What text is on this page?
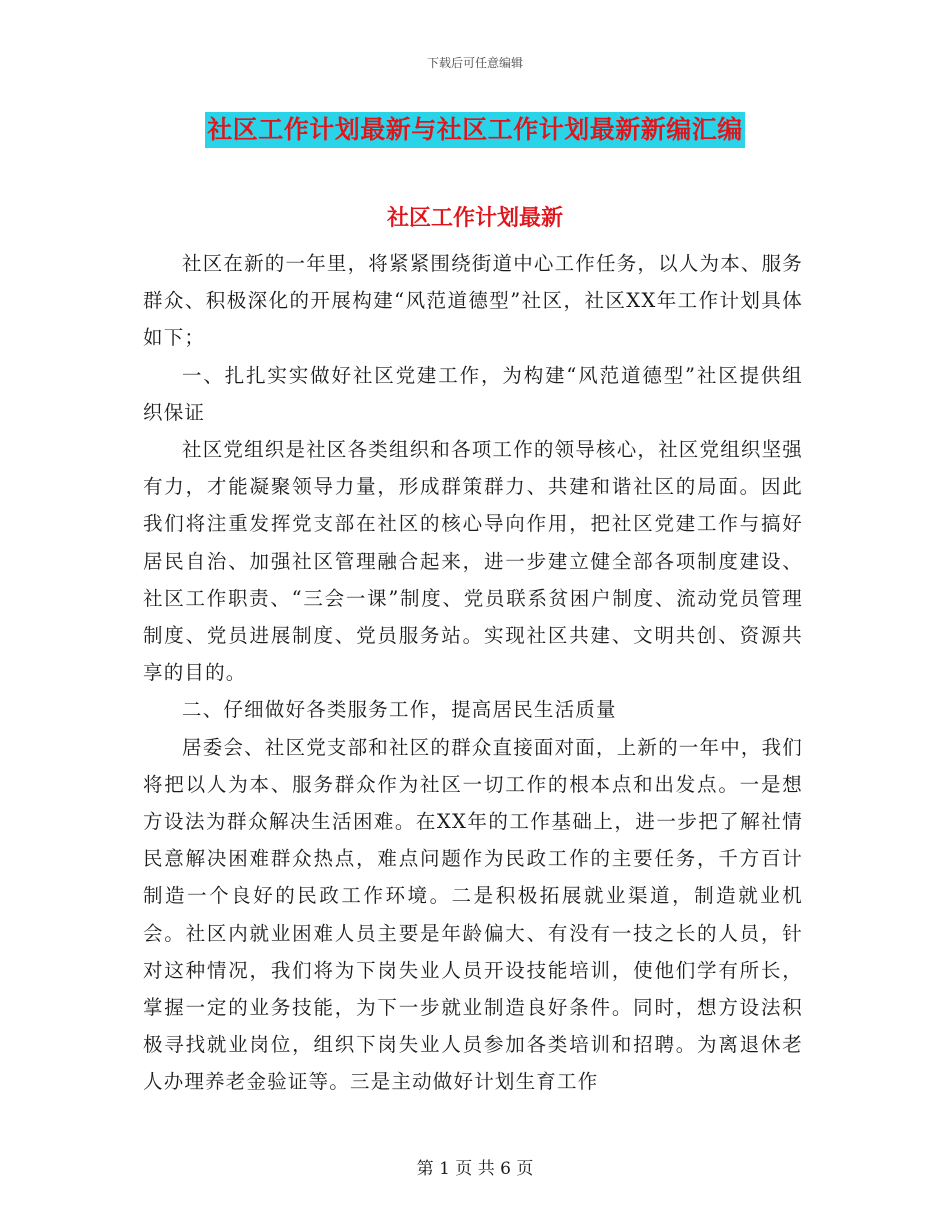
下载后可任意编辑
社区工作计划最新与社区工作计划最新新编汇编
社区工作计划最新

社区在新的一年里，将紧紧围绕街道中心工作任务，以人为本、服务群众、积极深化的开展构建“风范道德型”社区，社区XX年工作计划具体如下；

一、扎扎实实做好社区党建工作，为构建“风范道德型”社区提供组织保证

社区党组织是社区各类组织和各项工作的领导核心，社区党组织坚强有力，才能凝聚领导力量，形成群策群力、共建和谐社区的局面。因此我们将注重发挥党支部在社区的核心导向作用，把社区党建工作与搞好居民自治、加强社区管理融合起来，进一步建立健全部各项制度建设、社区工作职责、“三会一课”制度、党员联系贫困户制度、流动党员管理制度、党员进展制度、党员服务站。实现社区共建、文明共创、资源共享的目的。

二、仔细做好各类服务工作，提高居民生活质量

居委会、社区党支部和社区的群众直接面对面，上新的一年中，我们将把以人为本、服务群众作为社区一切工作的根本点和出发点。一是想方设法为群众解决生活困难。在XX年的工作基础上，进一步把了解社情民意解决困难群众热点，难点问题作为民政工作的主要任务，千方百计制造一个良好的民政工作环境。二是积极拓展就业渠道，制造就业机会。社区内就业困难人员主要是年龄偏大、有没有一技之长的人员，针对这种情况，我们将为下岗失业人员开设技能培训，使他们学有所长，掌握一定的业务技能，为下一步就业制造良好条件。同时，想方设法积极寻找就业岗位，组织下岗失业人员参加各类培训和招聘。为离退休老人办理养老金验证等。三是主动做好计划生育工作

第 1 页 共 6 页
